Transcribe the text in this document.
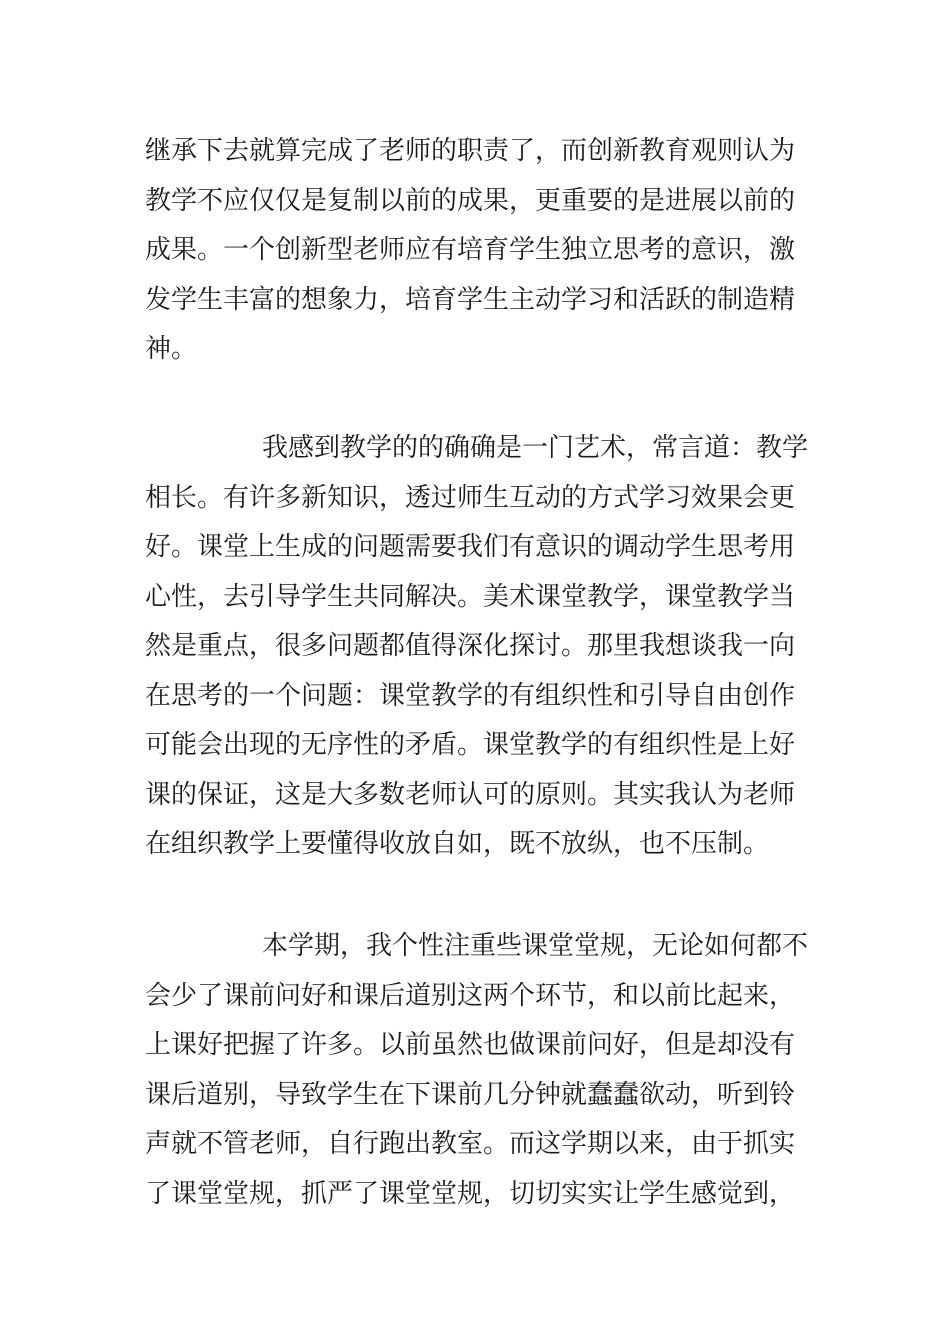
继承下去就算完成了老师的职责了，而创新教育观则认为
教学不应仅仅是复制以前的成果，更重要的是进展以前的
成果。一个创新型老师应有培育学生独立思考的意识，激
发学生丰富的想象力，培育学生主动学习和活跃的制造精
神。
我感到教学的的确确是一门艺术，常言道：教学
相长。有许多新知识，透过师生互动的方式学习效果会更
好。课堂上生成的问题需要我们有意识的调动学生思考用
心性，去引导学生共同解决。美术课堂教学，课堂教学当
然是重点，很多问题都值得深化探讨。那里我想谈我一向
在思考的一个问题：课堂教学的有组织性和引导自由创作
可能会出现的无序性的矛盾。课堂教学的有组织性是上好
课的保证，这是大多数老师认可的原则。其实我认为老师
在组织教学上要懂得收放自如，既不放纵，也不压制。
本学期，我个性注重些课堂堂规，无论如何都不
会少了课前问好和课后道别这两个环节，和以前比起来，
上课好把握了许多。以前虽然也做课前问好，但是却没有
课后道别，导致学生在下课前几分钟就蠢蠢欲动，听到铃
声就不管老师，自行跑出教室。而这学期以来，由于抓实
了课堂堂规，抓严了课堂堂规，切切实实让学生感觉到，
